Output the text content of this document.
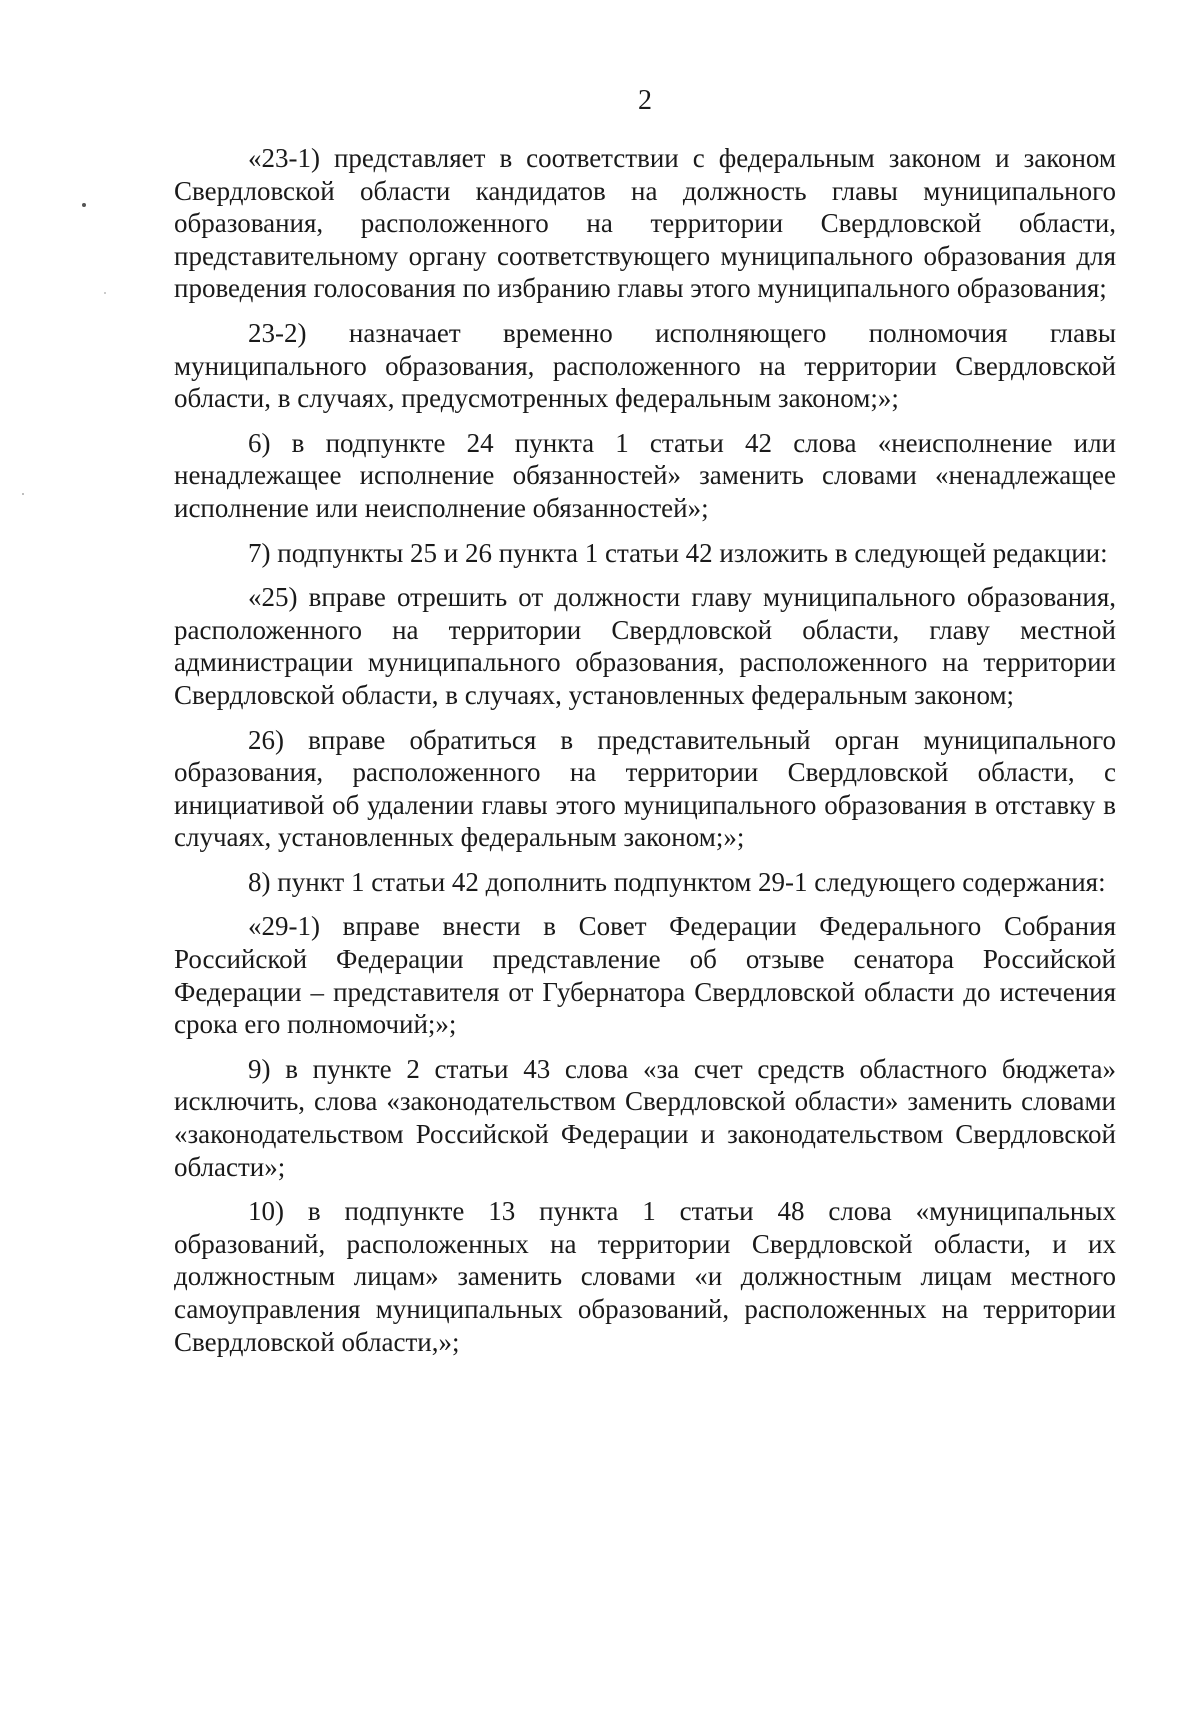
2

«23-1) представляет в соответствии с федеральным законом и законом Свердловской области кандидатов на должность главы муниципального образования, расположенного на территории Свердловской области, представительному органу соответствующего муниципального образования для проведения голосования по избранию главы этого муниципального образования;

23-2) назначает временно исполняющего полномочия главы муниципального образования, расположенного на территории Свердловской области, в случаях, предусмотренных федеральным законом;»;

6) в подпункте 24 пункта 1 статьи 42 слова «неисполнение или ненадлежащее исполнение обязанностей» заменить словами «ненадлежащее исполнение или неисполнение обязанностей»;

7) подпункты 25 и 26 пункта 1 статьи 42 изложить в следующей редакции:

«25) вправе отрешить от должности главу муниципального образования, расположенного на территории Свердловской области, главу местной администрации муниципального образования, расположенного на территории Свердловской области, в случаях, установленных федеральным законом;

26) вправе обратиться в представительный орган муниципального образования, расположенного на территории Свердловской области, с инициативой об удалении главы этого муниципального образования в отставку в случаях, установленных федеральным законом;»;

8) пункт 1 статьи 42 дополнить подпунктом 29-1 следующего содержания:

«29-1) вправе внести в Совет Федерации Федерального Собрания Российской Федерации представление об отзыве сенатора Российской Федерации – представителя от Губернатора Свердловской области до истечения срока его полномочий;»;

9) в пункте 2 статьи 43 слова «за счет средств областного бюджета» исключить, слова «законодательством Свердловской области» заменить словами «законодательством Российской Федерации и законодательством Свердловской области»;

10) в подпункте 13 пункта 1 статьи 48 слова «муниципальных образований, расположенных на территории Свердловской области, и их должностным лицам» заменить словами «и должностным лицам местного самоуправления муниципальных образований, расположенных на территории Свердловской области,»;
